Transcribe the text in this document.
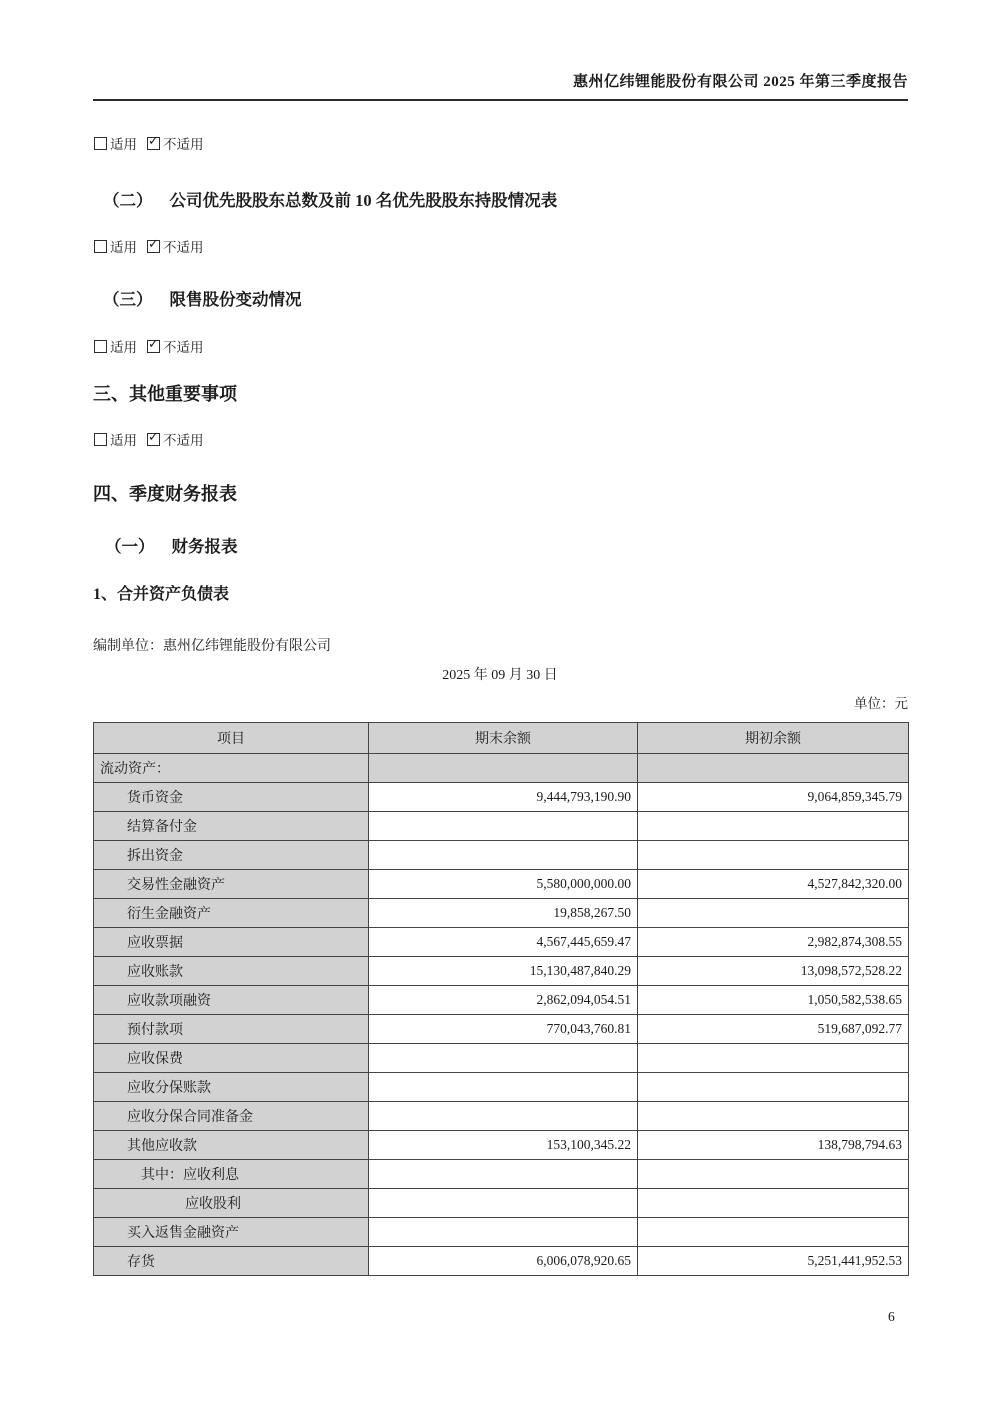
惠州亿纬锂能股份有限公司 2025 年第三季度报告
适用 ✓ 不适用
（二） 公司优先股股东总数及前 10 名优先股股东持股情况表
适用 ✓ 不适用
（三） 限售股份变动情况
适用 ✓ 不适用
三、其他重要事项
适用 ✓ 不适用
四、季度财务报表
（一） 财务报表
1、合并资产负债表
编制单位：惠州亿纬锂能股份有限公司
2025 年 09 月 30 日
单位：元
项目	期末余额	期初余额
流动资产：		
货币资金	9,444,793,190.90	9,064,859,345.79
结算备付金		
拆出资金		
交易性金融资产	5,580,000,000.00	4,527,842,320.00
衍生金融资产	19,858,267.50	
应收票据	4,567,445,659.47	2,982,874,308.55
应收账款	15,130,487,840.29	13,098,572,528.22
应收款项融资	2,862,094,054.51	1,050,582,538.65
预付款项	770,043,760.81	519,687,092.77
应收保费		
应收分保账款		
应收分保合同准备金		
其他应收款	153,100,345.22	138,798,794.63
其中：应收利息		
应收股利		
买入返售金融资产		
存货	6,006,078,920.65	5,251,441,952.53
6
